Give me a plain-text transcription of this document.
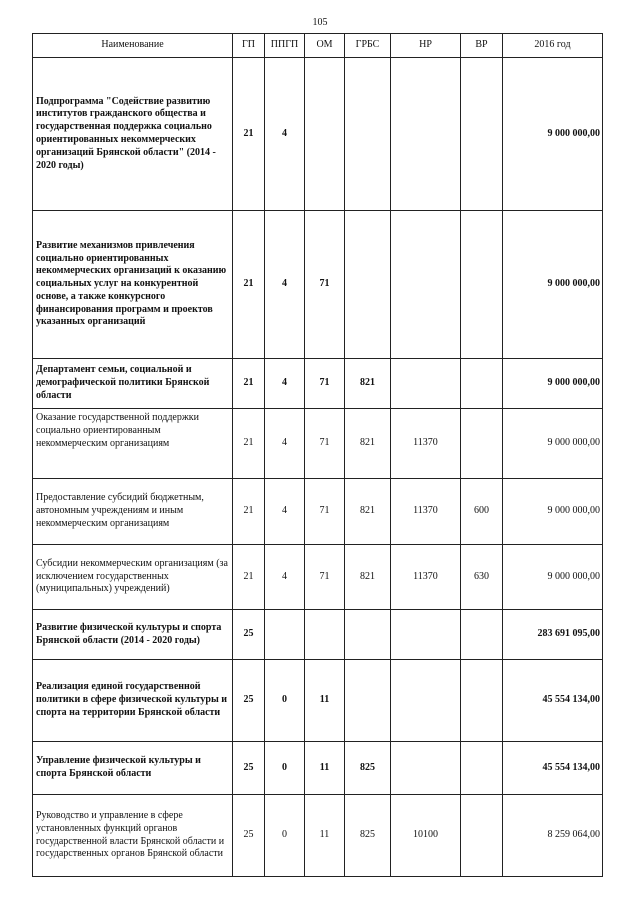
105
Наименование	ГП	ППГП	ОМ	ГРБС	НР	ВР	2016 год
Подпрограмма "Содействие развитию институтов гражданского общества и государственная поддержка социально ориентированных некоммерческих организаций Брянской области" (2014 - 2020 годы)	21	4					9 000 000,00
Развитие механизмов привлечения социально ориентированных некоммерческих организаций к оказанию социальных услуг на конкурентной основе, а также конкурсного финансирования программ и проектов указанных организаций	21	4	71				9 000 000,00
Департамент семьи, социальной и демографической политики Брянской области	21	4	71	821			9 000 000,00
Оказание государственной поддержки социально ориентированным некоммерческим организациям	21	4	71	821	11370		9 000 000,00
Предоставление субсидий бюджетным, автономным учреждениям и иным некоммерческим организациям	21	4	71	821	11370	600	9 000 000,00
Субсидии некоммерческим организациям (за исключением государственных (муниципальных) учреждений)	21	4	71	821	11370	630	9 000 000,00
Развитие физической культуры и спорта Брянской области (2014 - 2020 годы)	25						283 691 095,00
Реализация единой государственной политики в сфере физической культуры и спорта на территории Брянской области	25	0	11				45 554 134,00
Управление физической культуры и спорта Брянской области	25	0	11	825			45 554 134,00
Руководство и управление в сфере установленных функций органов государственной власти Брянской области и государственных органов Брянской области	25	0	11	825	10100		8 259 064,00
